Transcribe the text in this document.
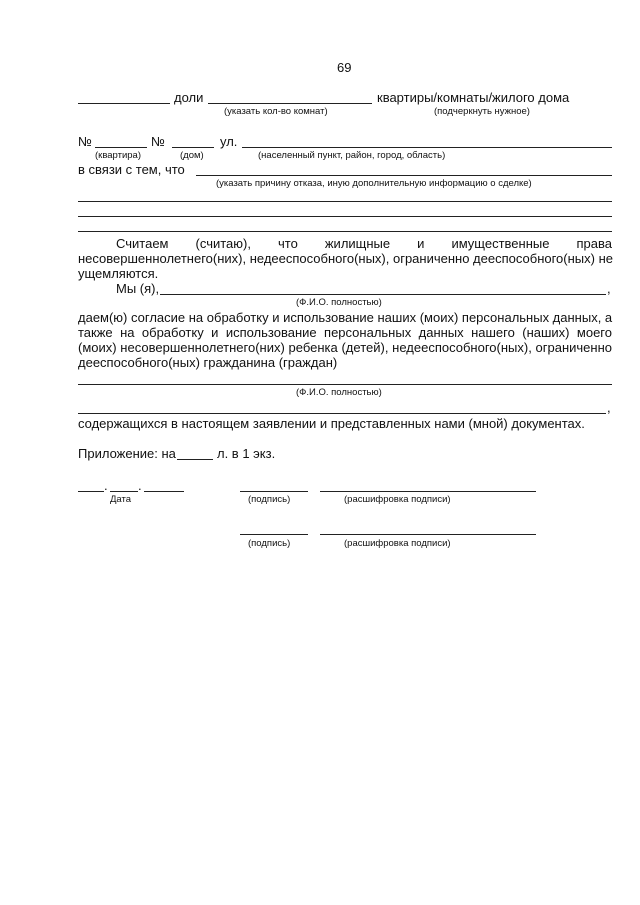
69
доли	квартиры/комнаты/жилого дома
(указать кол-во комнат)	(подчеркнуть нужное)
№	№	ул.
(квартира)	(дом)	(населенный пункт, район, город, область)
в связи с тем, что
(указать причину отказа, иную дополнительную информацию о сделке)
Считаем (считаю), что жилищные и имущественные права
несовершеннолетнего(них), недееспособного(ных), ограниченно дееспособного(ных) не
ущемляются.
Мы (я),	,
(Ф.И.О. полностью)
даем(ю) согласие на обработку и использование наших (моих) персональных данных, а
также на обработку и использование персональных данных нашего (наших) моего
(моих) несовершеннолетнего(них) ребенка (детей), недееспособного(ных), ограниченно
дееспособного(ных) гражданина (граждан)
(Ф.И.О. полностью)
,
содержащихся в настоящем заявлении и представленных нами (мной) документах.
Приложение: на	л. в 1 экз.
. .
Дата	(подпись)	(расшифровка подписи)
(подпись)	(расшифровка подписи)
